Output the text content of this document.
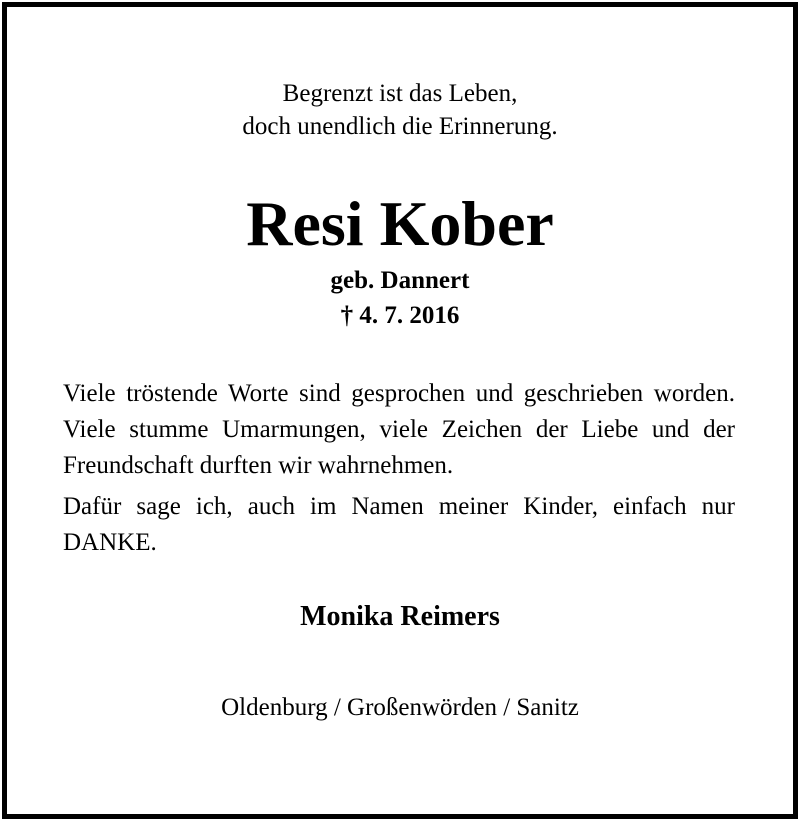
Begrenzt ist das Leben,
doch unendlich die Erinnerung.
Resi Kober
geb. Dannert
† 4. 7. 2016
Viele tröstende Worte sind gesprochen und geschrieben worden. Viele stumme Umarmungen, viele Zeichen der Liebe und der Freundschaft durften wir wahrnehmen.
Dafür sage ich, auch im Namen meiner Kinder, einfach nur DANKE.
Monika Reimers
Oldenburg / Großenwörden / Sanitz
